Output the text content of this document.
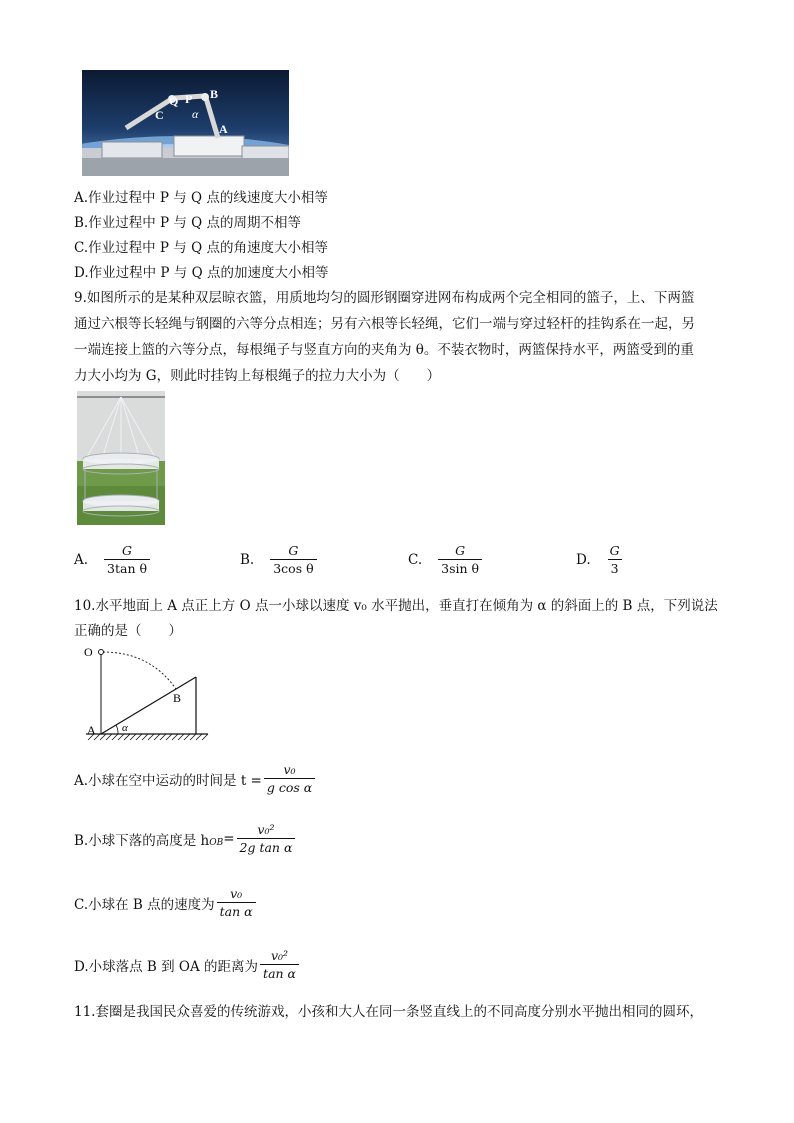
C
Q P B
α
A
A.作业过程中 P 与 Q 点的线速度大小相等
B.作业过程中 P 与 Q 点的周期不相等
C.作业过程中 P 与 Q 点的角速度大小相等
D.作业过程中 P 与 Q 点的加速度大小相等
9.如图所示的是某种双层晾衣篮，用质地均匀的圆形钢圈穿进网布构成两个完全相同的篮子，上、下两篮
通过六根等长轻绳与钢圈的六等分点相连；另有六根等长轻绳，它们一端与穿过轻杆的挂钩系在一起，另
一端连接上篮的六等分点，每根绳子与竖直方向的夹角为 θ。不装衣物时，两篮保持水平，两篮受到的重
力大小均为 G，则此时挂钩上每根绳子的拉力大小为（　　）
A. $\frac{G}{\text{3tan θ}}$	B. $\frac{G}{\text{3cos θ}}$	C. $\frac{G}{\text{3sin θ}}$	D. $\frac{G}{3}$
10.水平地面上 A 点正上方 O 点一小球以速度 v₀ 水平抛出，垂直打在倾角为 α 的斜面上的 B 点，下列说法
正确的是（　　）
O
B
A α
A.小球在空中运动的时间是 $t = \frac{\text{v₀}}{\text{g cos α}}$
B.小球下落的高度是 $h_{OB} = \frac{\text{v₀²}}{\text{2g tan α}}$
C.小球在 B 点的速度为 $\frac{\text{v₀}}{\text{tan α}}$
D.小球落点 B 到 OA 的距离为 $\frac{\text{v₀²}}{\text{tan α}}$
11.套圈是我国民众喜爱的传统游戏，小孩和大人在同一条竖直线上的不同高度分别水平抛出相同的圆环，
